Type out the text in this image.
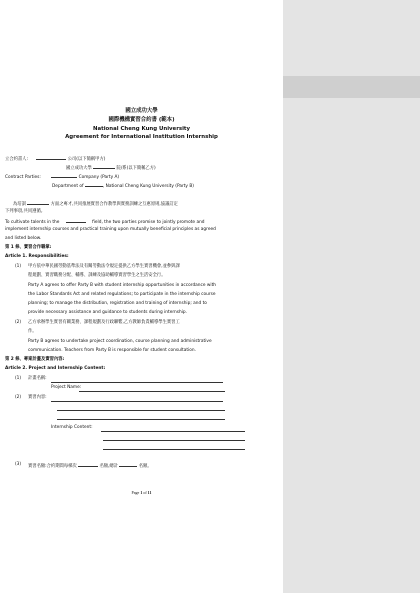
國立成功大學
國際機構實習合約書 (範本)
National Cheng Kung University
Agreement for International Institution Internship
立合約書人:	公司(以下簡稱甲方)
國立成功大學	院/系(以下簡稱乙方)
Contract Parties:	Company (Party A)
Department of	, National Cheng Kung University (Party B)
為培訓	方面之專才,共同推展實習合作教學與實務訓練之互惠原則,協議訂定
下列事項,共同遵循。
To cultivate talents in the	field, the two parties promise to jointly promote and
implement internship courses and practical training upon mutually beneficial principles as agreed
and listed below.
第 1 條、實習合作職掌:
Article 1. Responsibilities:
(1) 甲方依中華民國勞動基準法及有關勞動法令規定提供乙方學生實習機會,並參與課
程規劃、實習職務分配、輔導、訓練及協助輔導實習學生之生活安全行。
Party A agrees to offer Party B with student internship opportunities in accordance with
the Labor Standards Act and related regulations; to participate in the internship course
planning; to manage the distribution, registration and training of internship; and to
provide necessary assistance and guidance to students during internship.
(2) 乙方承辦學生實習有關業務、課程規劃及行政聯繫,乙方教師負責輔導學生實習工
作。
Party B agrees to undertake project coordination, course planning and administrative
communication. Teachers from Party B is responsible for student consultation.
第 2 條、專案計畫及實習內容:
Article 2. Project and Internship Content:
(1) 計畫名稱:
Project Name:
(2) 實習內容:
Internship Content:
(3) 實習名額:合約期間每梯次	名額,總計	名額。
Page 1 of 11
